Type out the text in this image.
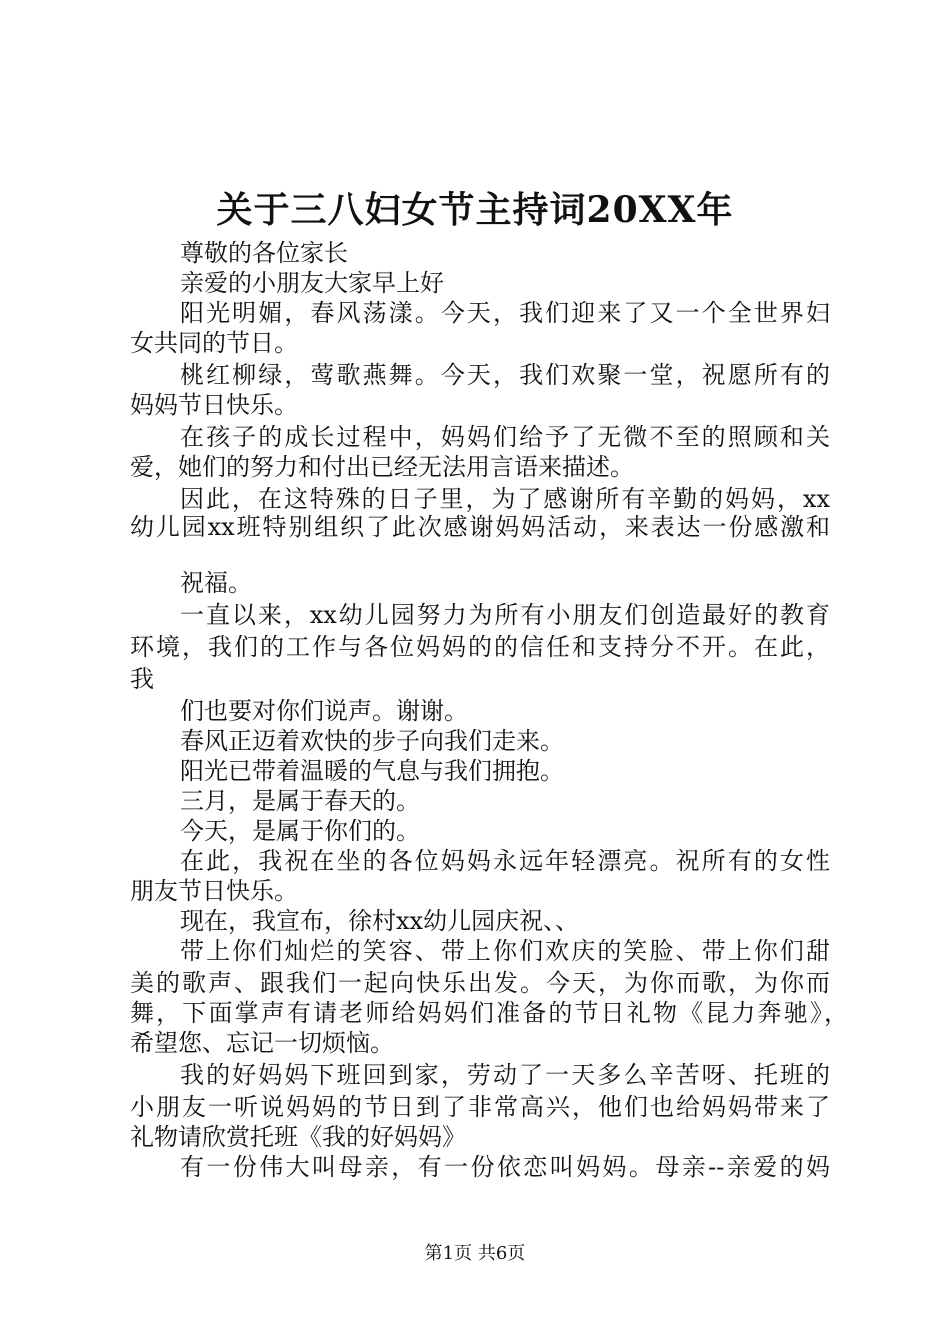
关于三八妇女节主持词20XX年
尊敬的各位家长
亲爱的小朋友大家早上好
阳光明媚，春风荡漾。今天，我们迎来了又一个全世界妇
女共同的节日。
桃红柳绿，莺歌燕舞。今天，我们欢聚一堂，祝愿所有的
妈妈节日快乐。
在孩子的成长过程中，妈妈们给予了无微不至的照顾和关
爱，她们的努力和付出已经无法用言语来描述。
因此，在这特殊的日子里，为了感谢所有辛勤的妈妈，xx
幼儿园xx班特别组织了此次感谢妈妈活动，来表达一份感激和
祝福。
一直以来，xx幼儿园努力为所有小朋友们创造最好的教育
环境，我们的工作与各位妈妈的的信任和支持分不开。在此，
我
们也要对你们说声。谢谢。
春风正迈着欢快的步子向我们走来。
阳光已带着温暖的气息与我们拥抱。
三月，是属于春天的。
今天，是属于你们的。
在此，我祝在坐的各位妈妈永远年轻漂亮。祝所有的女性
朋友节日快乐。
现在，我宣布，徐村xx幼儿园庆祝、、
带上你们灿烂的笑容、带上你们欢庆的笑脸、带上你们甜
美的歌声、跟我们一起向快乐出发。今天，为你而歌，为你而
舞，下面掌声有请老师给妈妈们准备的节日礼物《昆力奔驰》，
希望您、忘记一切烦恼。
我的好妈妈下班回到家，劳动了一天多么辛苦呀、托班的
小朋友一听说妈妈的节日到了非常高兴，他们也给妈妈带来了
礼物请欣赏托班《我的好妈妈》
有一份伟大叫母亲，有一份依恋叫妈妈。母亲--亲爱的妈
第1页 共6页
